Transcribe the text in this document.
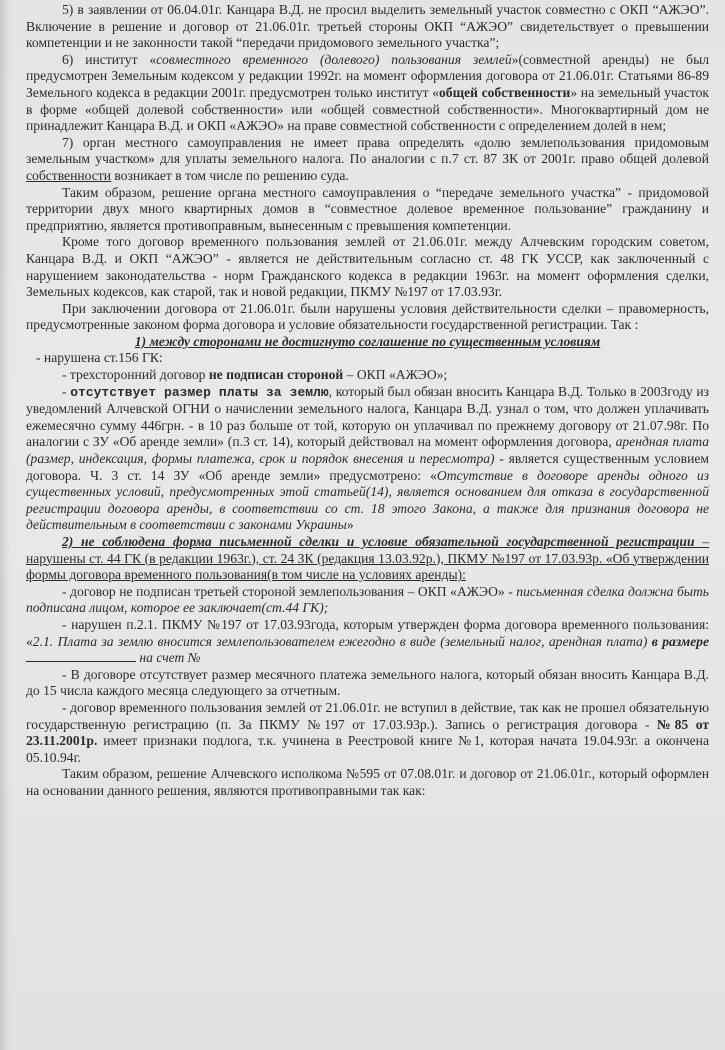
5) в заявлении от 06.04.01г. Канцара В.Д. не просил выделить земельный участок совместно с ОКП “АЖЭО”. Включение в решение и договор от 21.06.01г. третьей стороны ОКП “АЖЭО” свидетельствует о превышении компетенции и не законности такой “передачи придомового земельного участка”;

6) институт «совместного временного (долевого) пользования землей»(совместной аренды) не был предусмотрен Земельным кодексом у редакции 1992г. на момент оформления договора от 21.06.01г. Статьями 86-89 Земельного кодекса в редакции 2001г. предусмотрен только институт «общей собственности» на земельный участок в форме «общей долевой собственности» или «общей совместной собственности». Многоквартирный дом не принадлежит Канцара В.Д. и ОКП «АЖЭО» на праве совместной собственности с определением долей в нем;

7) орган местного самоуправления не имеет права определять «долю землепользования придомовым земельным участком» для уплаты земельного налога. По аналогии с п.7 ст. 87 ЗК от 2001г. право общей долевой собственности возникает в том числе по решению суда.

Таким образом, решение органа местного самоуправления о “передаче земельного участка” - придомовой территории двух много квартирных домов в “совместное долевое временное пользование” гражданину и предприятию, является противоправным, вынесенным с превышения компетенции.

Кроме того договор временного пользования землей от 21.06.01г. между Алчевским городским советом, Канцара В.Д. и ОКП “АЖЭО” - является не действительным согласно ст. 48 ГК УССР, как заключенный с нарушением законодательства - норм Гражданского кодекса в редакции 1963г. на момент оформления сделки, Земельных кодексов, как старой, так и новой редакции, ПКМУ №197 от 17.03.93г.

При заключении договора от 21.06.01г. были нарушены условия действительности сделки – правомерность, предусмотренные законом форма договора и условие обязательности государственной регистрации. Так :

1) между сторонами не достигнуто соглашение по существенным условиям

- нарушена ст.156 ГК:

- трехсторонний договор не подписан стороной – ОКП «АЖЭО»;

- отсутствует размер платы за землю, который был обязан вносить Канцара В.Д. Только в 2003году из уведомлений Алчевской ОГНИ о начислении земельного налога, Канцара В.Д. узнал о том, что должен уплачивать ежемесячно сумму 446грн. - в 10 раз больше от той, которую он уплачивал по прежнему договору от 21.07.98г. По аналогии с ЗУ «Об аренде земли» (п.3 ст. 14), который действовал на момент оформления договора, арендная плата (размер, индексация, формы платежа, срок и порядок внесения и пересмотра) - является существенным условием договора. Ч. 3 ст. 14 ЗУ «Об аренде земли» предусмотрено: «Отсутствие в договоре аренды одного из существенных условий, предусмотренных этой статьей(14), является основанием для отказа в государственной регистрации договора аренды, в соответствии со ст. 18 этого Закона, а также для признания договора не действительным в соответствии с законами Украины»

2) не соблюдена форма письменной сделки и условие обязательной государственной регистрации – нарушены ст. 44 ГК (в редакции 1963г.), ст. 24 ЗК (редакция 13.03.92р.), ПКМУ №197 от 17.03.93р. «Об утверждении формы договора временного пользования(в том числе на условиях аренды):

- договор не подписан третьей стороной землепользования – ОКП «АЖЭО» - письменная сделка должна быть подписана лицом, которое ее заключает(ст.44 ГК);

- нарушен п.2.1. ПКМУ №197 от 17.03.93года, которым утвержден форма договора временного пользования: «2.1. Плата за землю вносится землепользователем ежегодно в виде (земельный налог, арендная плата) в размере  на счет №

- В договоре отсутствует размер месячного платежа земельного налога, который обязан вносить Канцара В.Д. до 15 числа каждого месяца следующего за отчетным.

- договор временного пользования землей от 21.06.01г. не вступил в действие, так как не прошел обязательную государственную регистрацию (п. За ПКМУ №197 от 17.03.93р.). Запись о регистрация договора - №85 от 23.11.2001р. имеет признаки подлога, т.к. учинена в Реестровой книге №1, которая начата 19.04.93г. а окончена 05.10.94г.

Таким образом, решение Алчевского исполкома №595 от 07.08.01г. и договор от 21.06.01г., который оформлен на основании данного решения, являются противоправными так как:
